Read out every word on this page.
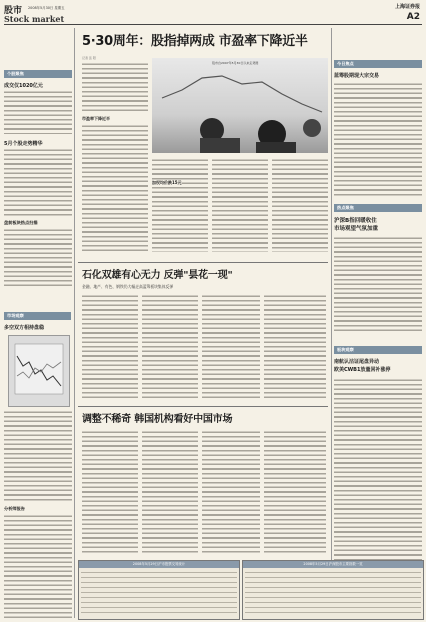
股市 2008年5月30日 星期五
Stock market
上海证券报
A2
个股聚焦
成交仅1020亿元
5月个股走势精华
盘前板块热点扫描
市场观察
多空双方相持盘稳
分析师报告
5·30周年：股指掉两成 市盈率下降近半
记者 张 阳
股市自2007年5月30日以来走势图
市盈率下降近半
加权均价跌15元
今日焦点
蓝筹股期现大宗交易
热点聚焦
沪深B指回暖收住
市场观望气氛加重
板块观察
南航认沽证尾盘异动
欧美CWB1放量回补涨停
石化双雄有心无力 反弹"昙花一现"
金融、地产、有色、钢铁仍大幅走高蓝筹板块集体反弹
调整不稀奇 韩国机构看好中国市场
2008年5月29日沪市股票交易统计	2008年5月29日沪深股市主要指数一览
